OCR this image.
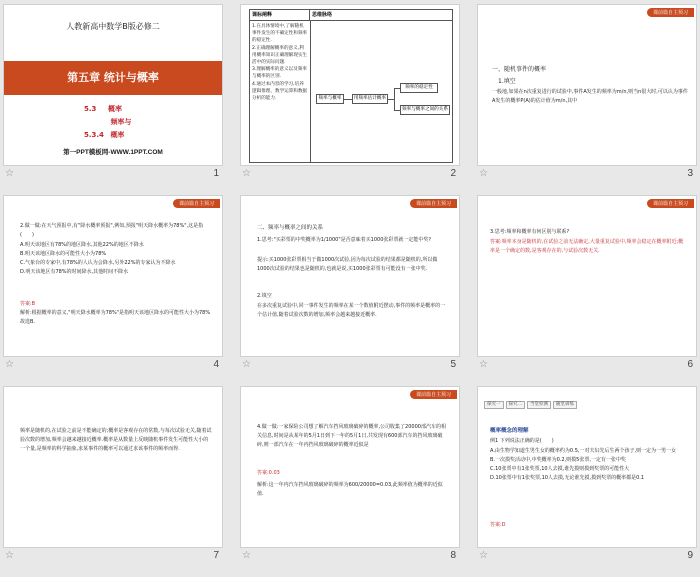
人教新高中数学B版必修二
第五章 统计与概率
5.3 概率
5.3.4 频率与概率
第一PPT模板网-WWW.1PPT.COM
☆	1
课标阐释	思维脉络
1.在具体情境中,了解随机事件发生的不确定性和频率的稳定性.
2.正确理解概率的意义,利用概率知识正确理解现实生活中的实际问题.
3.理解概率的意义以及频率与概率的区别.
4.通过本内容的学习,培养逻辑推理、数学运算和数据分析的能力.	频率与概率	用频率估计概率
频率的稳定性
频率与概率之间的关系
☆	2
课前篇自主预习
一、随机事件的概率
1.填空
一般地,如果在n次重复进行的试验中,事件A发生的频率为m/n,则当n很大时,可以认为事件A发生的概率P(A)的估计值为m/n,其中
☆	3
课前篇自主预习
2.做一做:在天气预报中,有"降水概率预报",例如,预报"明天降水概率为78%",这是指(　　)
A.明天该地区有78%的地区降水,其他22%的地区不降水
B.明天该地区降水的可能性大小为78%
C.气象台的专家中,有78%的人认为会降水,另外22%的专家认为不降水
D.明天该地区有78%的时间降水,其他时间不降水
答案:B
解析:根据概率的意义,"明天降水概率为78%"是指明天该地区降水的可能性大小为78%故选B.
☆	4
课前篇自主预习
二、频率与概率之间的关系
1.思考:"买彩票的中奖概率为1/1000"是否意味着买1000张彩票就一定能中奖?
提示:买1000张彩票相当于做1000次试验,因为每次试验的结果都是随机的,所以做1000次试验的结果也是随机的,也就是说,买1000张彩票有可能没有一张中奖.
2.填空
在多次重复试验中,同一事件发生的频率在某一个数值附近摆动,事件的频率是概率的一个估计值,随着试验次数的增加,频率会越来越接近概率.
☆	5
课前篇自主预习
3.思考:频率和概率有何区别与联系?
答案:频率本身是随机的,在试验之前无法确定,大量重复试验中,频率会稳定在概率附近;概率是一个确定的数,是客观存在的,与试验次数无关.
☆	6
频率是随机的,在试验之前是不能确定的;概率是客观存在的常数,与每次试验无关,随着试验次数的增加,频率会越来越接近概率.概率是从数量上反映随机事件发生可能性大小的一个量,是频率的科学抽象,求某事件的概率可以通过求该事件的频率而得.
☆	7
课前篇自主预习
4.做一做:一家保险公司想了解汽车挡风玻璃破碎的概率,公司收集了20000部汽车的相关信息,时间是从某年的5月1日到下一年的5月1日,共发现有600部汽车的挡风玻璃破碎,则一部汽车在一年内挡风玻璃破碎的概率近似是
答案:0.03
解析:这一年内汽车挡风玻璃破碎的频率为600/20000=0.03,此频率值为概率的近似值.
☆	8
探究一	探究二	当堂检测	随堂训练
概率概念的理解
例1 下列说法正确的是(　　)
A.由生物学知道生男生女的概率约为0.5,一对夫妇先后生两个孩子,则一定为一男一女
B.一次摸奖活动中,中奖概率为0.2,则摸5张票,一定有一张中奖
C.10张票中有1张奖票,10人去摸,谁先摸则摸到奖票的可能性大
D.10张票中有1张奖票,10人去摸,无论谁先摸,摸到奖票的概率都是0.1
答案:D
☆	9
